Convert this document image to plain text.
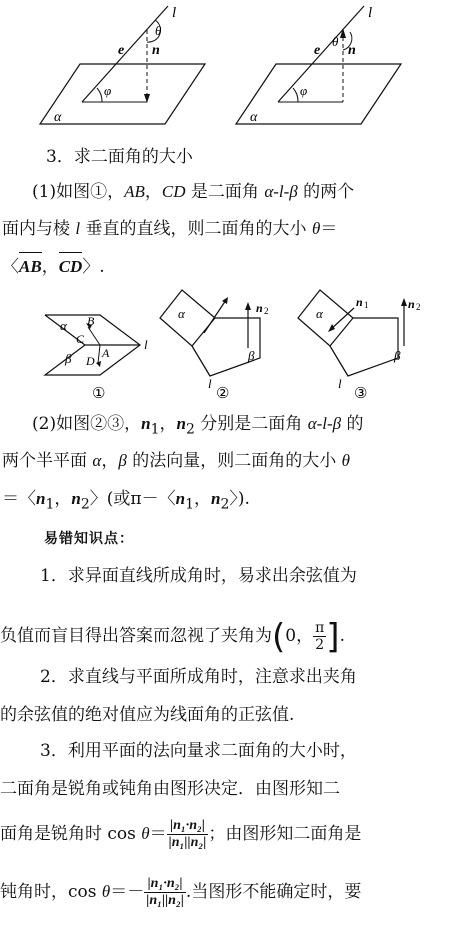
l
θ
e n
φ
α
l
θ
e n
φ
α
3．求二面角的大小
(1)如图①，AB，CD 是二面角 α-l-β 的两个
面内与棱 l 垂直的直线，则二面角的大小 θ＝
〈
AB，
CD〉.
α B
C
β D
A
l
①
α	n 2
β
l
②
α
n 1	n 2
β
l
③
(2)如图②③，$n_1$，$n_2$ 分别是二面角 α-l-β 的
两个半平面 α，β 的法向量，则二面角的大小 θ
＝〈$n_1$，$n_2$〉(或π－〈$n_1$，$n_2$〉).
易错知识点：
1．求异面直线所成角时，易求出余弦值为
负值而盲目得出答案而忽视了夹角为(0， $\frac{\pi}{2}$ ].
2．求直线与平面所成角时，注意求出夹角
的余弦值的绝对值应为线面角的正弦值.
3．利用平面的法向量求二面角的大小时，
二面角是锐角或钝角由图形决定．由图形知二
面角是锐角时 $\cos \theta= \frac{\text{|n₁·n₂|}}{\text{|n₁||n₂|}}$ ；由图形知二面角是
钝角时，$\cos \theta=- \frac{\text{|n₁·n₂|}}{\text{|n₁||n₂|}}$ .当图形不能确定时，要
